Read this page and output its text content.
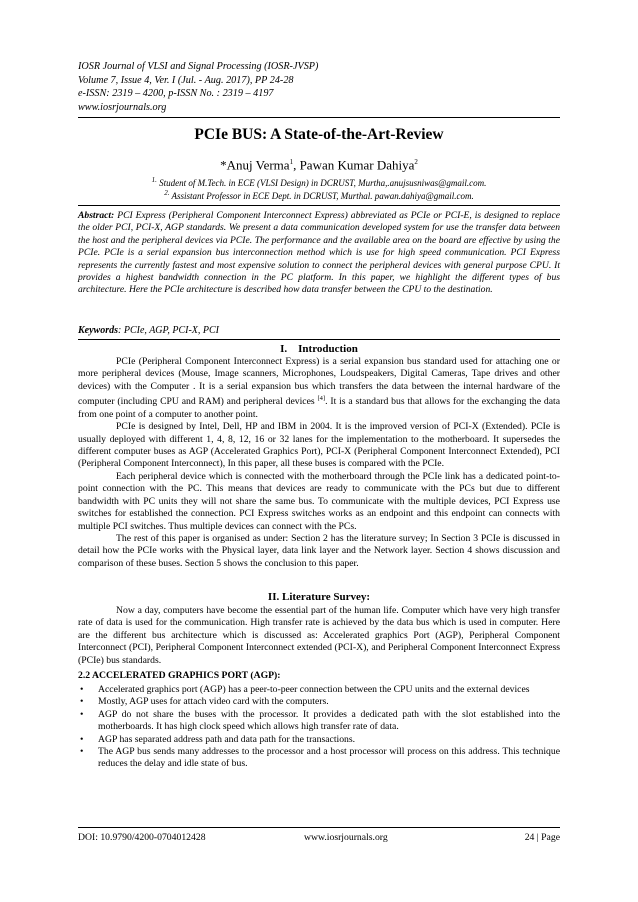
IOSR Journal of VLSI and Signal Processing (IOSR-JVSP)
Volume 7, Issue 4, Ver. I (Jul. - Aug. 2017), PP 24-28
e-ISSN: 2319 – 4200, p-ISSN No. : 2319 – 4197
www.iosrjournals.org
PCIe BUS: A State-of-the-Art-Review
*Anuj Verma$^1$, Pawan Kumar Dahiya$^2$
$^{1.}$ Student of M.Tech. in ECE (VLSI Design) in DCRUST, Murtha,.anujsusniwas@gmail.com.
$^{2.}$ Assistant Professor in ECE Dept. in DCRUST, Murthal. pawan.dahiya@gmail.com.
Abstract: PCI Express (Peripheral Component Interconnect Express) abbreviated as PCIe or PCI-E, is designed to replace the older PCI, PCI-X, AGP standards. We present a data communication developed system for use the transfer data between the host and the peripheral devices via PCIe. The performance and the available area on the board are effective by using the PCIe. PCIe is a serial expansion bus interconnection method which is use for high speed communication. PCI Express represents the currently fastest and most expensive solution to connect the peripheral devices with general purpose CPU. It provides a highest bandwidth connection in the PC platform. In this paper, we highlight the different types of bus architecture. Here the PCIe architecture is described how data transfer between the CPU to the destination.
Keywords: PCIe, AGP, PCI-X, PCI
I. Introduction

PCIe (Peripheral Component Interconnect Express) is a serial expansion bus standard used for attaching one or more peripheral devices (Mouse, Image scanners, Microphones, Loudspeakers, Digital Cameras, Tape drives and other devices) with the Computer . It is a serial expansion bus which transfers the data between the internal hardware of the computer (including CPU and RAM) and peripheral devices [4]. It is a standard bus that allows for the exchanging the data from one point of a computer to another point.

PCIe is designed by Intel, Dell, HP and IBM in 2004. It is the improved version of PCI-X (Extended). PCIe is usually deployed with different 1, 4, 8, 12, 16 or 32 lanes for the implementation to the motherboard. It supersedes the different computer buses as AGP (Accelerated Graphics Port), PCI-X (Peripheral Component Interconnect Extended), PCI (Peripheral Component Interconnect), In this paper, all these buses is compared with the PCIe.

Each peripheral device which is connected with the motherboard through the PCIe link has a dedicated point-to-point connection with the PC. This means that devices are ready to communicate with the PCs but due to different bandwidth with PC units they will not share the same bus. To communicate with the multiple devices, PCI Express use switches for established the connection. PCI Express switches works as an endpoint and this endpoint can connects with multiple PCI switches. Thus multiple devices can connect with the PCs.

The rest of this paper is organised as under: Section 2 has the literature survey; In Section 3 PCIe is discussed in detail how the PCIe works with the Physical layer, data link layer and the Network layer. Section 4 shows discussion and comparison of these buses. Section 5 shows the conclusion to this paper.

II. Literature Survey:

Now a day, computers have become the essential part of the human life. Computer which have very high transfer rate of data is used for the communication. High transfer rate is achieved by the data bus which is used in computer. Here are the different bus architecture which is discussed as: Accelerated graphics Port (AGP), Peripheral Component Interconnect (PCI), Peripheral Component Interconnect extended (PCI-X), and Peripheral Component Interconnect Express (PCIe) bus standards.

2.2 ACCELERATED GRAPHICS PORT (AGP):
• Accelerated graphics port (AGP) has a peer-to-peer connection between the CPU units and the external devices
• Mostly, AGP uses for attach video card with the computers.
• AGP do not share the buses with the processor. It provides a dedicated path with the slot established into the motherboards. It has high clock speed which allows high transfer rate of data.
• AGP has separated address path and data path for the transactions.
• The AGP bus sends many addresses to the processor and a host processor will process on this address. This technique reduces the delay and idle state of bus.
DOI: 10.9790/4200-0704012428	www.iosrjournals.org	24 | Page
